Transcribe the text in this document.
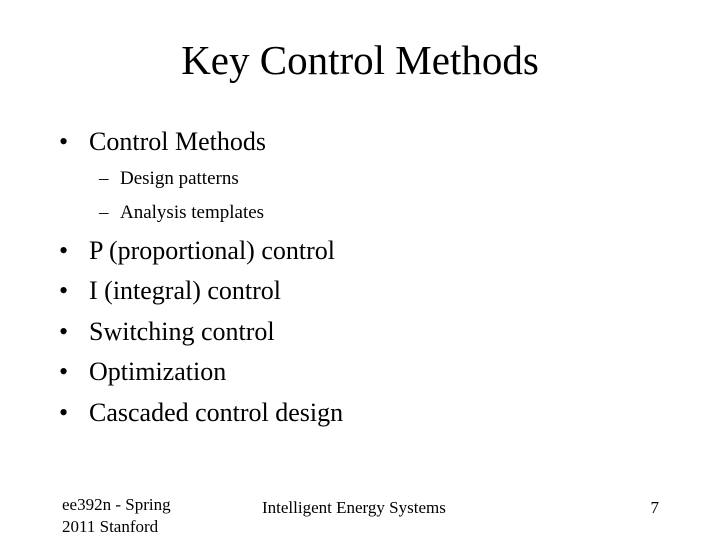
Key Control Methods
• Control Methods
– Design patterns
– Analysis templates
• P (proportional) control
• I (integral) control
• Switching control
• Optimization
• Cascaded control design
ee392n - Spring
2011 Stanford
Intelligent Energy Systems	7
